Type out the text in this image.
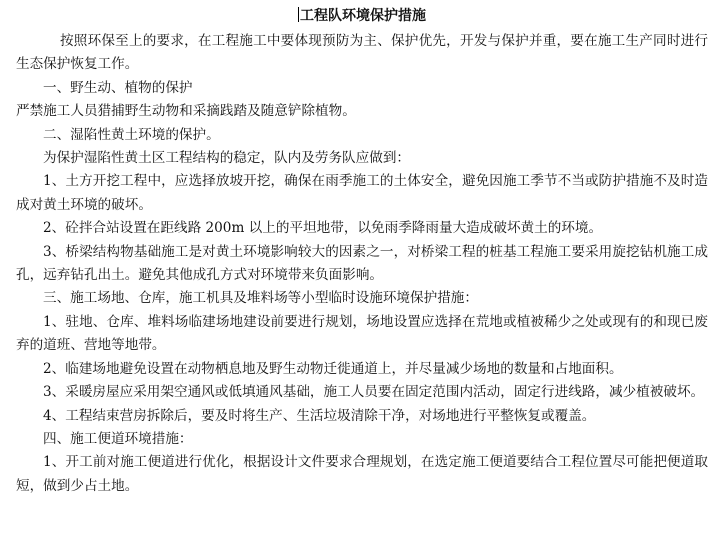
工程队环境保护措施

按照环保至上的要求，在工程施工中要体现预防为主、保护优先，开发与保护并重，要在施工生产同时进行生态保护恢复工作。

一、野生动、植物的保护

严禁施工人员猎捕野生动物和采摘践踏及随意铲除植物。

二、湿陷性黄土环境的保护。

为保护湿陷性黄土区工程结构的稳定，队内及劳务队应做到：

1、土方开挖工程中，应选择放坡开挖，确保在雨季施工的土体安全，避免因施工季节不当或防护措施不及时造成对黄土环境的破坏。

2、砼拌合站设置在距线路 200m 以上的平坦地带，以免雨季降雨量大造成破坏黄土的环境。

3、桥梁结构物基础施工是对黄土环境影响较大的因素之一，对桥梁工程的桩基工程施工要采用旋挖钻机施工成孔，远弃钻孔出土。避免其他成孔方式对环境带来负面影响。

三、施工场地、仓库，施工机具及堆料场等小型临时设施环境保护措施：

1、驻地、仓库、堆料场临建场地建设前要进行规划，场地设置应选择在荒地或植被稀少之处或现有的和现已废弃的道班、营地等地带。

2、临建场地避免设置在动物栖息地及野生动物迁徙通道上，并尽量减少场地的数量和占地面积。

3、采暖房屋应采用架空通风或低填通风基础，施工人员要在固定范围内活动，固定行进线路，减少植被破坏。

4、工程结束营房拆除后，要及时将生产、生活垃圾清除干净，对场地进行平整恢复或覆盖。

四、施工便道环境措施：

1、开工前对施工便道进行优化，根据设计文件要求合理规划，在选定施工便道要结合工程位置尽可能把便道取短，做到少占土地。
